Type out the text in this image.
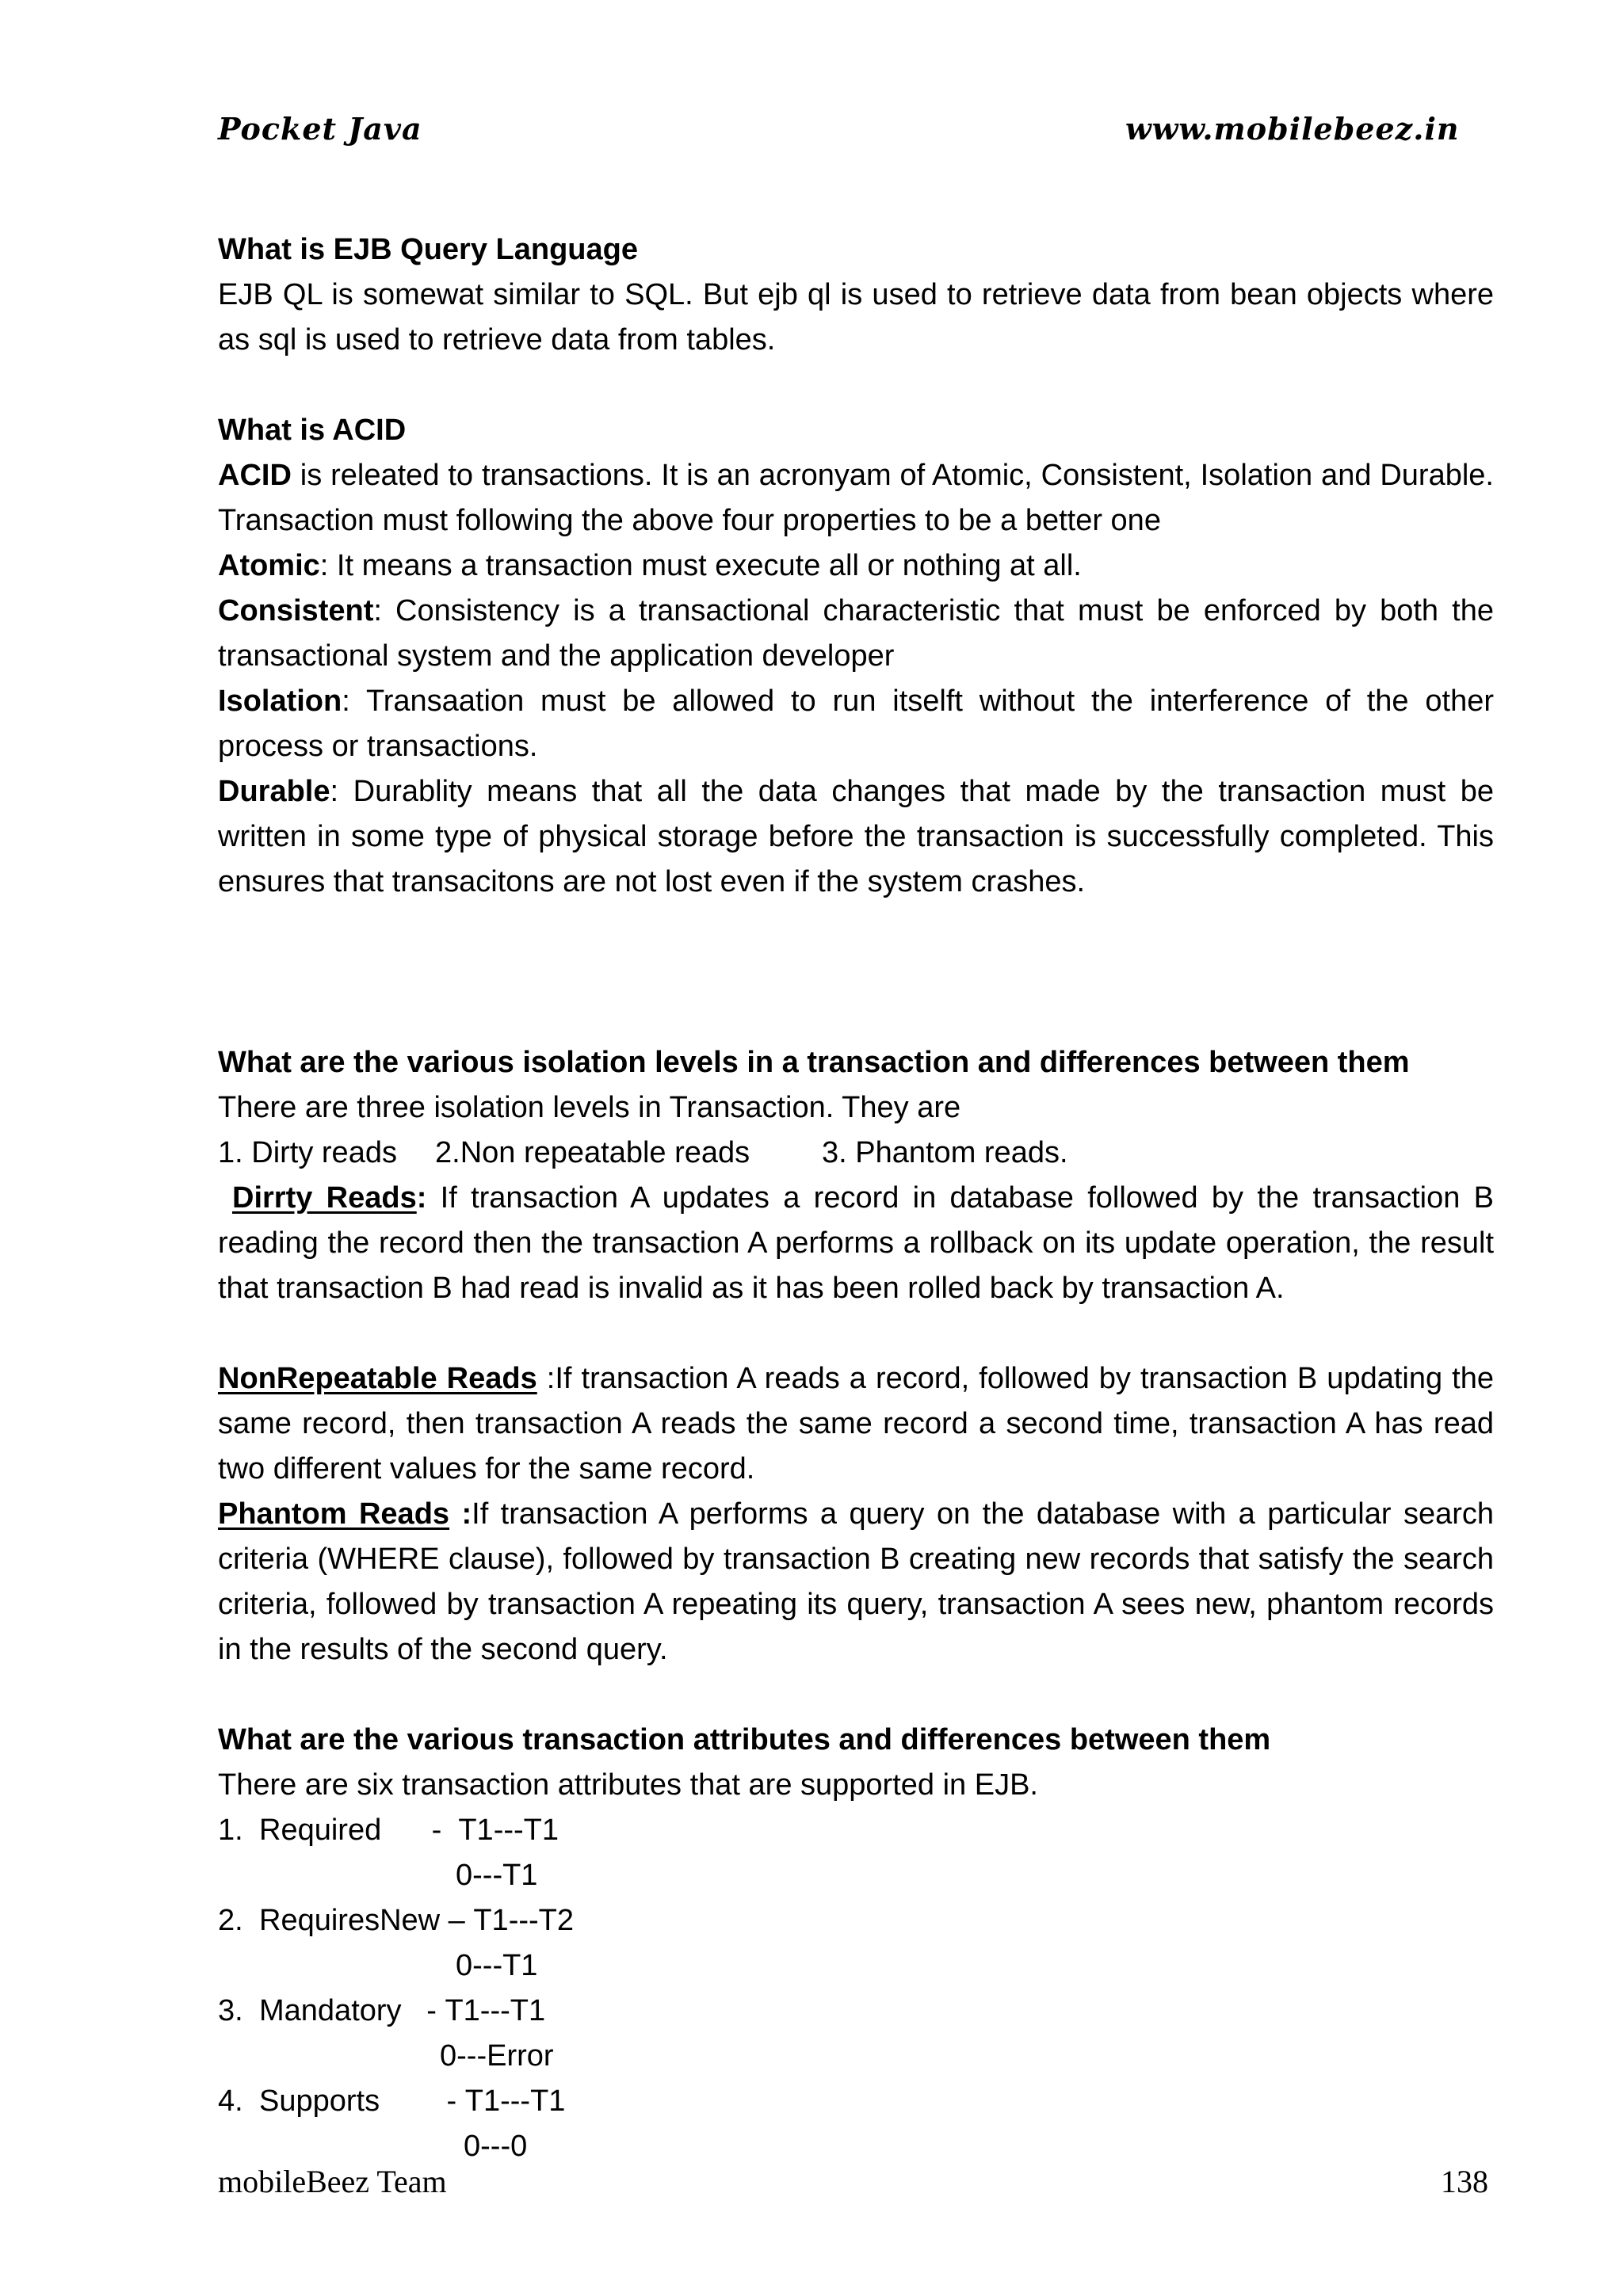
Pocket Java	www.mobilebeez.in

What is EJB Query Language

EJB QL is somewat similar to SQL. But ejb ql is used to retrieve data from bean objects where as sql is used to retrieve data from tables.

What is ACID

ACID is releated to transactions. It is an acronyam of Atomic, Consistent, Isolation and Durable. Transaction must following the above four properties to be a better one

Atomic: It means a transaction must execute all or nothing at all.

Consistent: Consistency is a transactional characteristic that must be enforced by both the transactional system and the application developer

Isolation: Transaation must be allowed to run itselft without the interference of the other process or transactions.

Durable: Durablity means that all the data changes that made by the transaction must be written in some type of physical storage before the transaction is successfully completed. This ensures that transacitons are not lost even if the system crashes.

What are the various isolation levels in a transaction and differences between them

There are three isolation levels in Transaction. They are

1. Dirty reads 2.Non repeatable reads 3. Phantom reads.

Dirrty Reads: If transaction A updates a record in database followed by the transaction B reading the record then the transaction A performs a rollback on its update operation, the result that transaction B had read is invalid as it has been rolled back by transaction A.

NonRepeatable Reads :If transaction A reads a record, followed by transaction B updating the same record, then transaction A reads the same record a second time, transaction A has read two different values for the same record.

Phantom Reads :If transaction A performs a query on the database with a particular search criteria (WHERE clause), followed by transaction B creating new records that satisfy the search criteria, followed by transaction A repeating its query, transaction A sees new, phantom records in the results of the second query.

What are the various transaction attributes and differences between them

There are six transaction attributes that are supported in EJB.

1. Required - T1---T1

0---T1

2. RequiresNew – T1---T2

0---T1

3. Mandatory - T1---T1

0---Error

4. Supports - T1---T1

0---0

mobileBeez Team	138
